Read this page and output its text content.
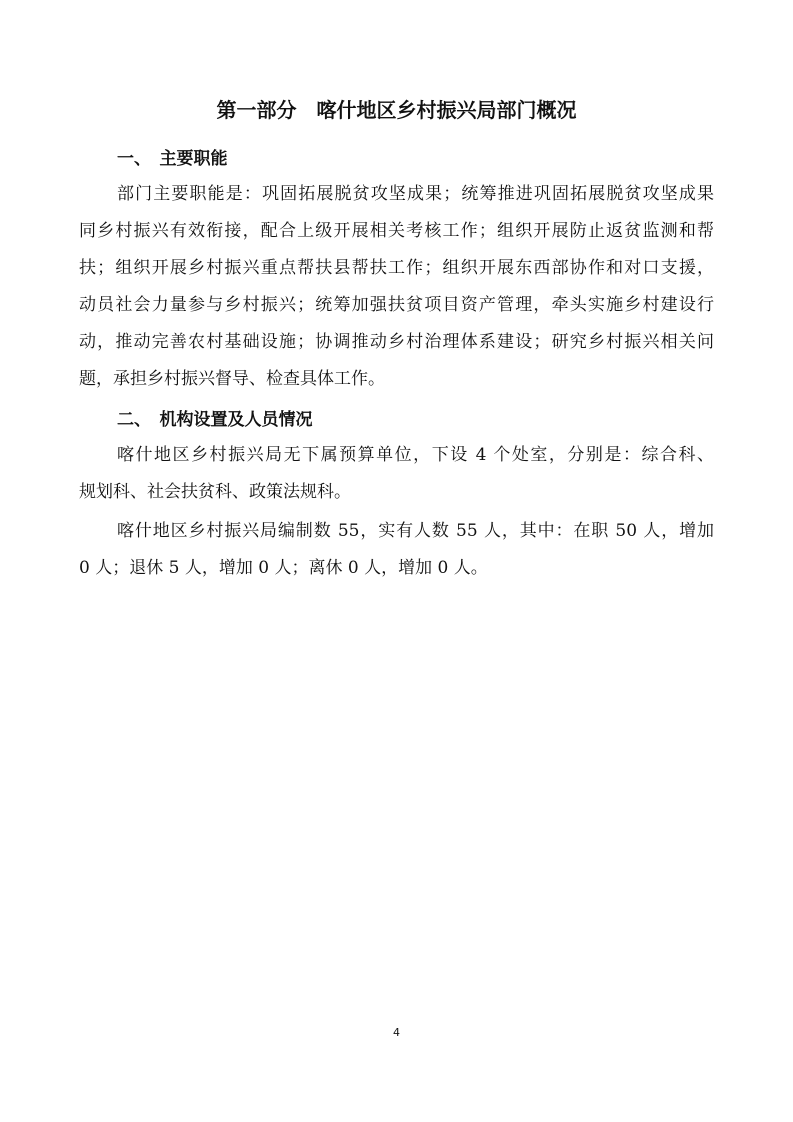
第一部分　喀什地区乡村振兴局部门概况
一、　主要职能
部门主要职能是：巩固拓展脱贫攻坚成果；统筹推进巩固拓展脱贫攻坚成果
同乡村振兴有效衔接，配合上级开展相关考核工作；组织开展防止返贫监测和帮
扶；组织开展乡村振兴重点帮扶县帮扶工作；组织开展东西部协作和对口支援，
动员社会力量参与乡村振兴；统筹加强扶贫项目资产管理，牵头实施乡村建设行
动，推动完善农村基础设施；协调推动乡村治理体系建设；研究乡村振兴相关问
题，承担乡村振兴督导、检查具体工作。
二、　机构设置及人员情况
喀什地区乡村振兴局无下属预算单位，下设 4 个处室，分别是：综合科、
规划科、社会扶贫科、政策法规科。
喀什地区乡村振兴局编制数 55，实有人数 55 人，其中：在职 50 人，增加
0 人；退休 5 人，增加 0 人；离休 0 人，增加 0 人。
4
